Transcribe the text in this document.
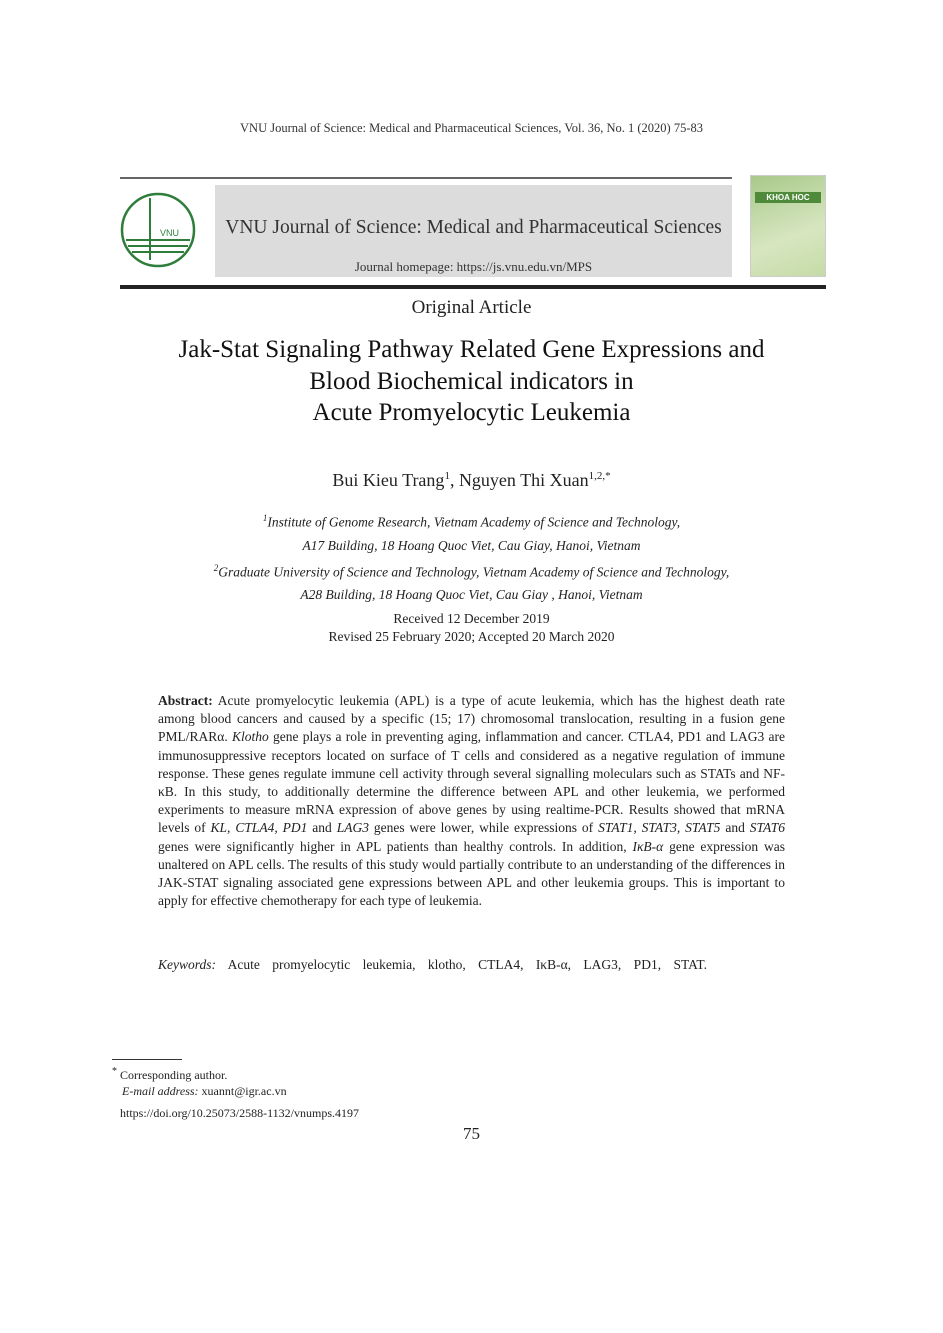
VNU Journal of Science: Medical and Pharmaceutical Sciences, Vol. 36, No. 1 (2020) 75-83
VNU	VNU Journal of Science: Medical and Pharmaceutical Sciences
Journal homepage: https://js.vnu.edu.vn/MPS
KHOA HOC
Original Article
Jak-Stat Signaling Pathway Related Gene Expressions and
Blood Biochemical indicators in
Acute Promyelocytic Leukemia
Bui Kieu Trang$^1$, Nguyen Thi Xuan$^{1,2,*}$
$^1$Institute of Genome Research, Vietnam Academy of Science and Technology,
A17 Building, 18 Hoang Quoc Viet, Cau Giay, Hanoi, Vietnam
$^2$Graduate University of Science and Technology, Vietnam Academy of Science and Technology,
A28 Building, 18 Hoang Quoc Viet, Cau Giay , Hanoi, Vietnam
Received 12 December 2019
Revised 25 February 2020; Accepted 20 March 2020
Abstract: Acute promyelocytic leukemia (APL) is a type of acute leukemia, which has the highest death rate among blood cancers and caused by a specific (15; 17) chromosomal translocation, resulting in a fusion gene PML/RARα. Klotho gene plays a role in preventing aging, inflammation and cancer. CTLA4, PD1 and LAG3 are immunosuppressive receptors located on surface of T cells and considered as a negative regulation of immune response. These genes regulate immune cell activity through several signalling moleculars such as STATs and NF-κB. In this study, to additionally determine the difference between APL and other leukemia, we performed experiments to measure mRNA expression of above genes by using realtime-PCR. Results showed that mRNA levels of KL, CTLA4, PD1 and LAG3 genes were lower, while expressions of STAT1, STAT3, STAT5 and STAT6 genes were significantly higher in APL patients than healthy controls. In addition, IκB-α gene expression was unaltered on APL cells. The results of this study would partially contribute to an understanding of the differences in JAK-STAT signaling associated gene expressions between APL and other leukemia groups. This is important to apply for effective chemotherapy for each type of leukemia.
Keywords: Acute promyelocytic leukemia, klotho, CTLA4, IκB-α, LAG3, PD1, STAT.
* Corresponding author.
E-mail address: xuannt@igr.ac.vn
https://doi.org/10.25073/2588-1132/vnumps.4197
75
